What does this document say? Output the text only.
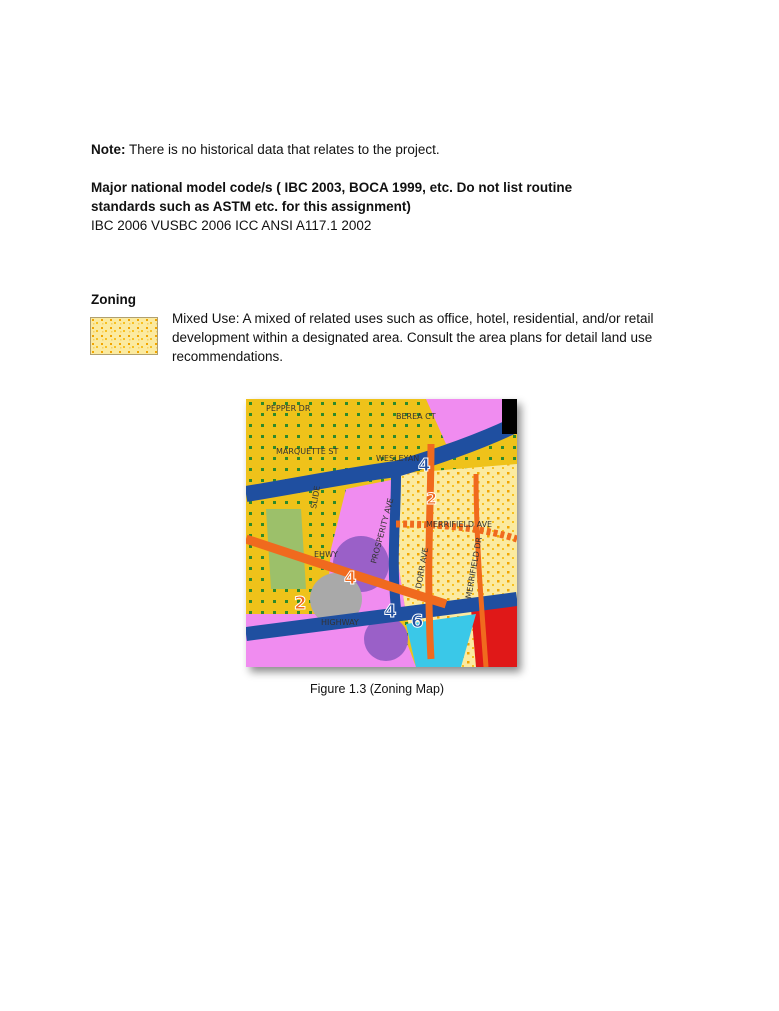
Note: There is no historical data that relates to the project.
Major national model code/s ( IBC 2003, BOCA 1999, etc. Do not list routine
standards such as ASTM etc. for this assignment)
IBC 2006 VUSBC 2006 ICC ANSI A117.1 2002
Zoning
Mixed Use: A mixed of related uses such as office, hotel, residential, and/or retail development within a designated area. Consult the area plans for detail land use recommendations.
4
2
4
2	4 6
PEPPER DR
MARQUETTE ST
BEREA CT
WESLEYAN
MERRIFIELD AVE
PROSPERITY AVE
DORR AVE	MERRIFIELD DR
HIGHWAY
EHWY
SLIDE
Figure 1.3 (Zoning Map)
